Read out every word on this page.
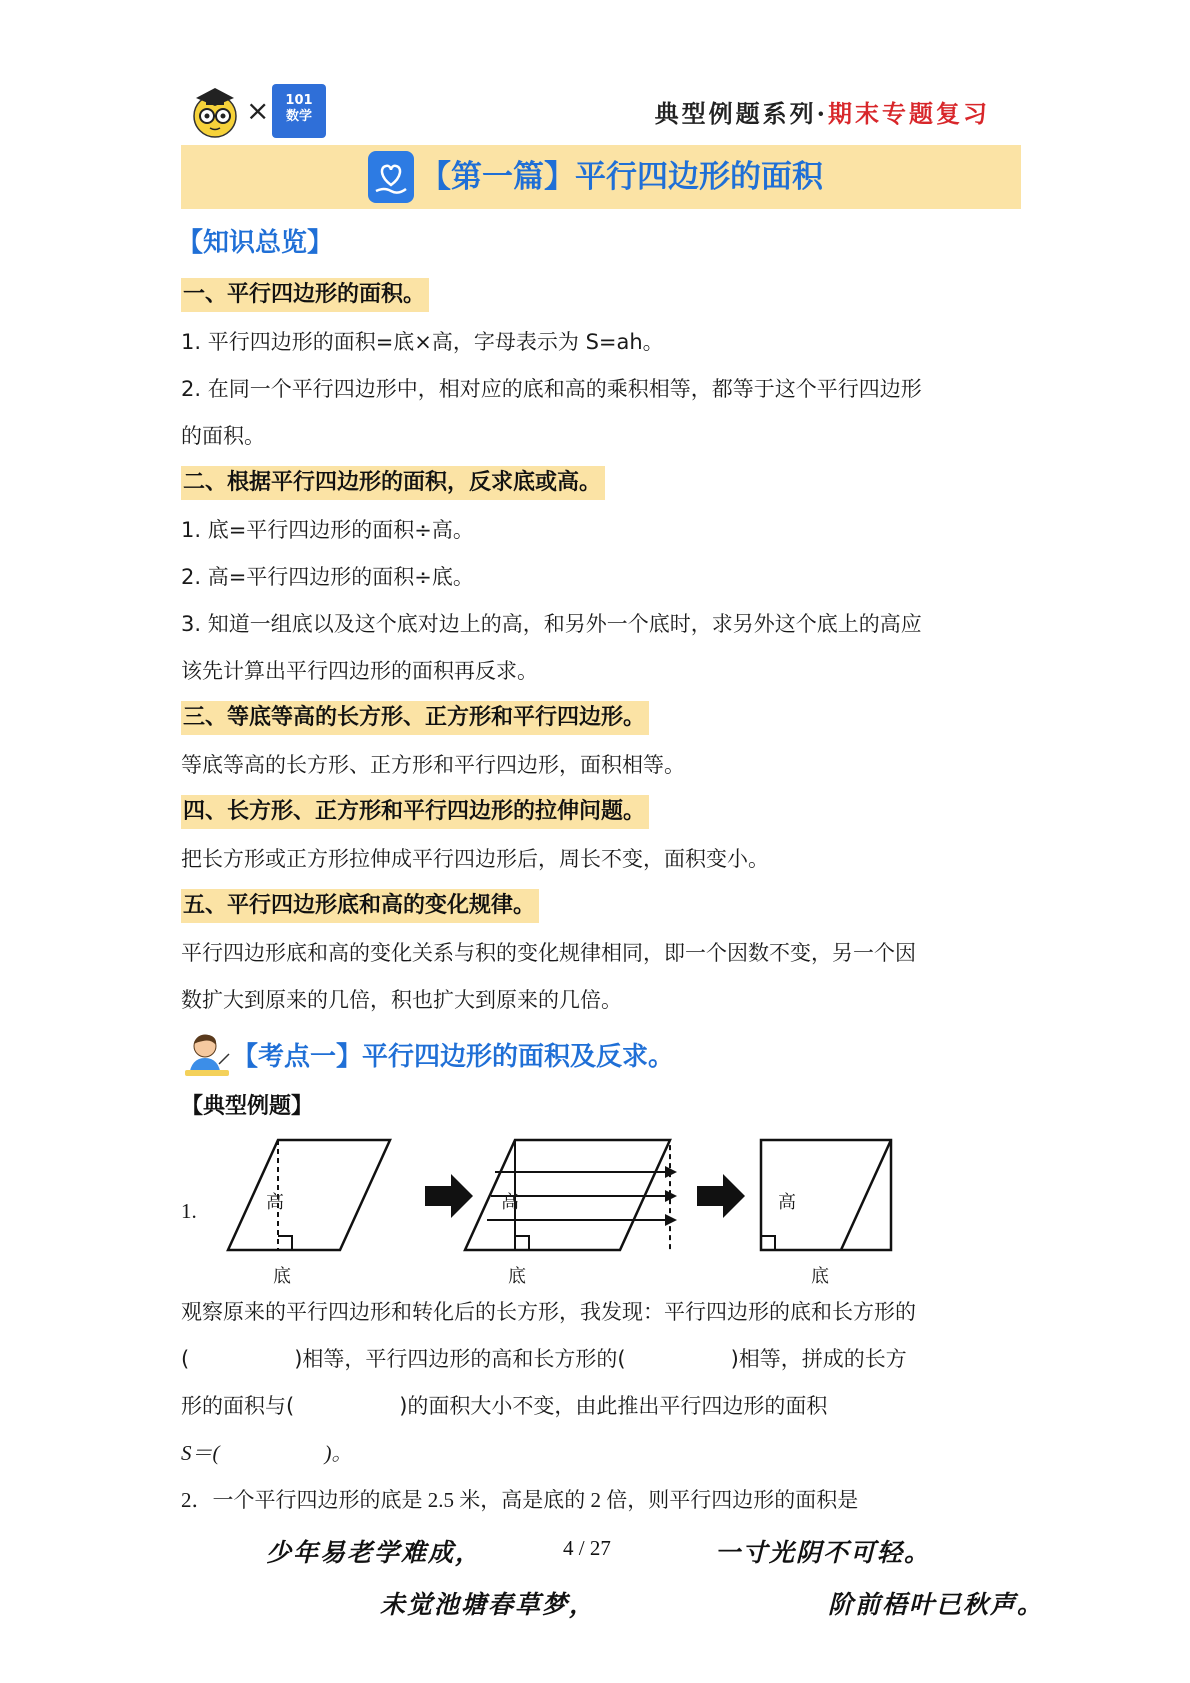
×	101
数学	典型例题系列·期末专题复习
【第一篇】平行四边形的面积
【知识总览】
一、平行四边形的面积。
1. 平行四边形的面积=底×高，字母表示为 S=ah。
2. 在同一个平行四边形中，相对应的底和高的乘积相等，都等于这个平行四边形
的面积。
二、根据平行四边形的面积，反求底或高。
1. 底=平行四边形的面积÷高。
2. 高=平行四边形的面积÷底。
3. 知道一组底以及这个底对边上的高，和另外一个底时，求另外这个底上的高应
该先计算出平行四边形的面积再反求。
三、等底等高的长方形、正方形和平行四边形。
等底等高的长方形、正方形和平行四边形，面积相等。
四、长方形、正方形和平行四边形的拉伸问题。
把长方形或正方形拉伸成平行四边形后，周长不变，面积变小。
五、平行四边形底和高的变化规律。
平行四边形底和高的变化关系与积的变化规律相同，即一个因数不变，另一个因
数扩大到原来的几倍，积也扩大到原来的几倍。
【考点一】平行四边形的面积及反求。
【典型例题】
1.	高
底
高
底
高
底
观察原来的平行四边形和转化后的长方形，我发现：平行四边形的底和长方形的
(　　　　　)相等，平行四边形的高和长方形的(　　　　　)相等，拼成的长方
形的面积与(　　　　　)的面积大小不变，由此推出平行四边形的面积
S＝(　　　　　)。
2．一个平行四边形的底是 2.5 米，高是底的 2 倍，则平行四边形的面积是
少年易老学难成，	4 / 27	一寸光阴不可轻。
未觉池塘春草梦，	阶前梧叶已秋声。
